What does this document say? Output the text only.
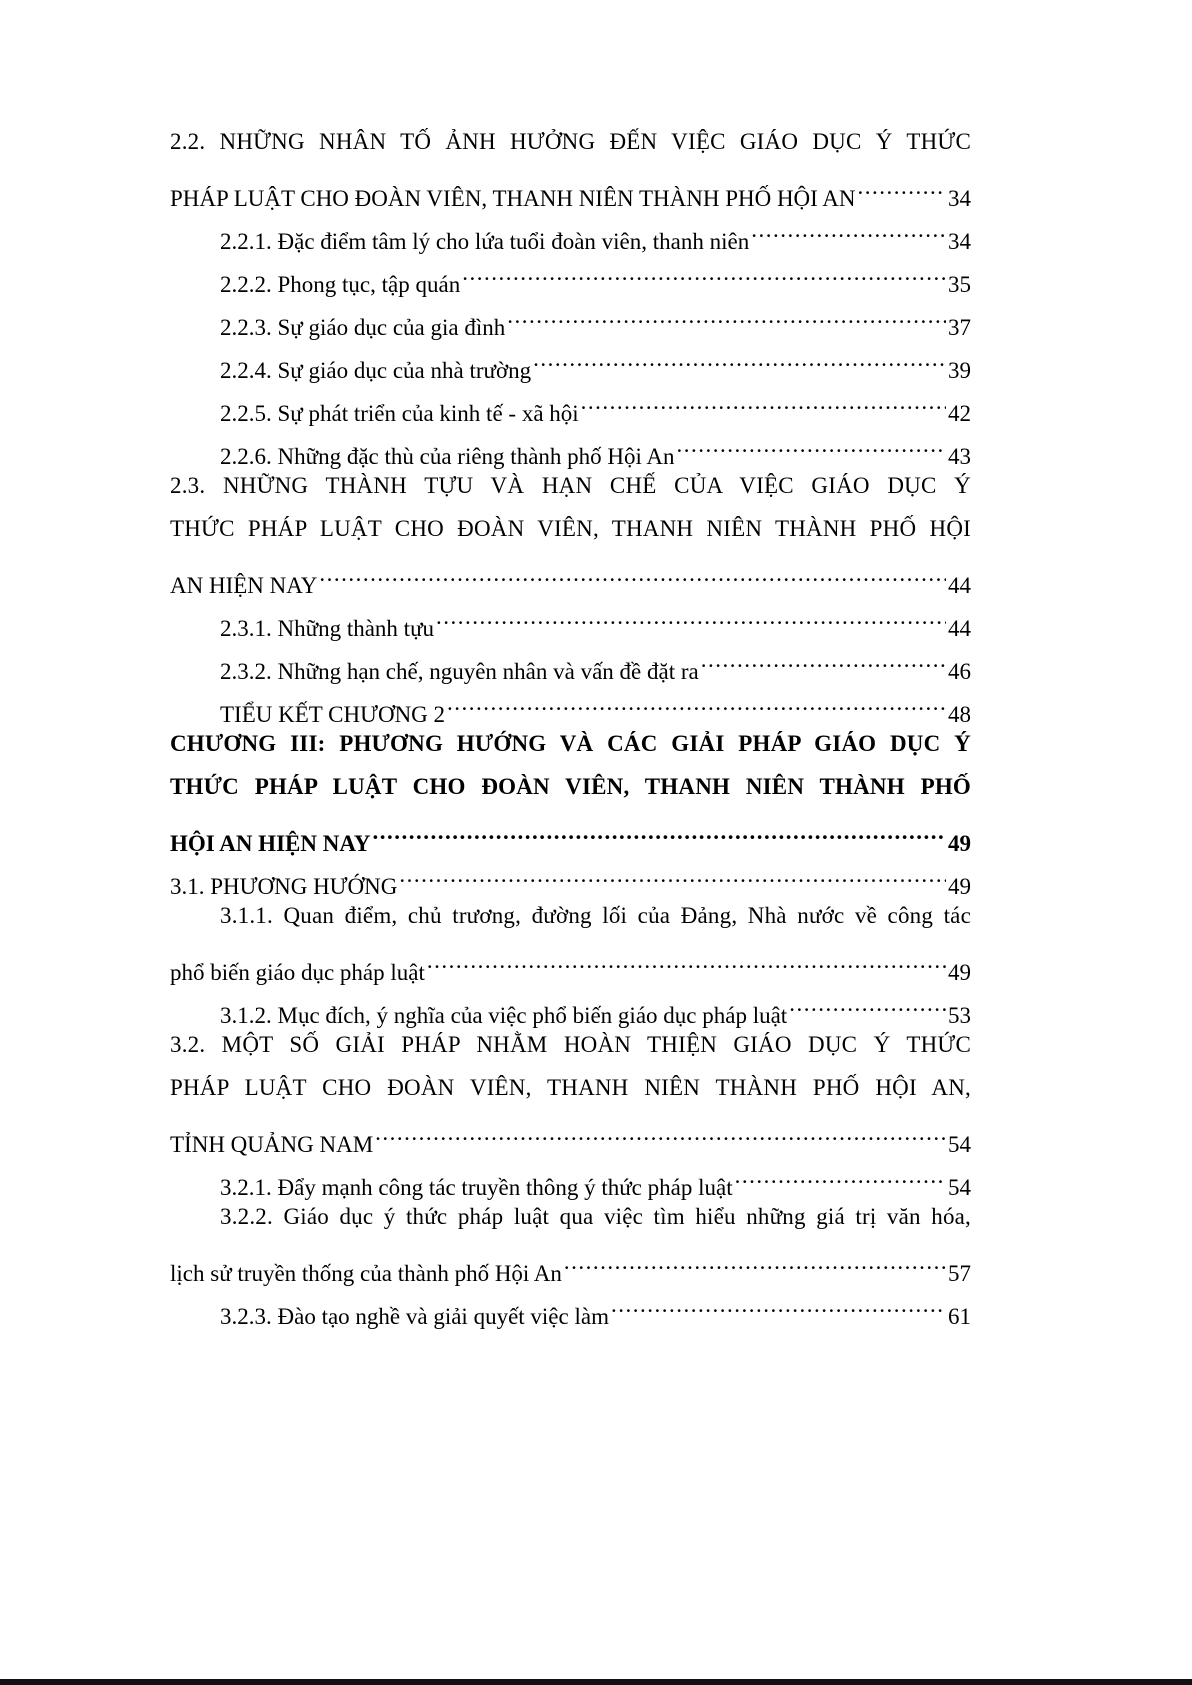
2.2. NHỮNG NHÂN TỐ ẢNH HƯỞNG ĐẾN VIỆC GIÁO DỤC Ý THỨC
PHÁP LUẬT CHO ĐOÀN VIÊN, THANH NIÊN THÀNH PHỐ HỘI AN .....	34
2.2.1. Đặc điểm tâm lý cho lứa tuổi đoàn viên, thanh niên .....	34
2.2.2. Phong tục, tập quán .....	35
2.2.3. Sự giáo dục của gia đình .....	37
2.2.4. Sự giáo dục của nhà trường .....	39
2.2.5. Sự phát triển của kinh tế - xã hội .....	42
2.2.6. Những đặc thù của riêng thành phố Hội An .....	43
2.3. NHỮNG THÀNH TỰU VÀ HẠN CHẾ CỦA VIỆC GIÁO DỤC Ý
THỨC PHÁP LUẬT CHO ĐOÀN VIÊN, THANH NIÊN THÀNH PHỐ HỘI
AN HIỆN NAY .....	44
2.3.1. Những thành tựu .....	44
2.3.2. Những hạn chế, nguyên nhân và vấn đề đặt ra .....	46
TIỂU KẾT CHƯƠNG 2 .....	48
CHƯƠNG III: PHƯƠNG HƯỚNG VÀ CÁC GIẢI PHÁP GIÁO DỤC Ý
THỨC PHÁP LUẬT CHO ĐOÀN VIÊN, THANH NIÊN THÀNH PHỐ
HỘI AN HIỆN NAY .....	49
3.1. PHƯƠNG HƯỚNG .....	49
3.1.1. Quan điểm, chủ trương, đường lối của Đảng, Nhà nước về công tác
phổ biến giáo dục pháp luật .....	49
3.1.2. Mục đích, ý nghĩa của việc phổ biến giáo dục pháp luật .....	53
3.2. MỘT SỐ GIẢI PHÁP NHẰM HOÀN THIỆN GIÁO DỤC Ý THỨC
PHÁP LUẬT CHO ĐOÀN VIÊN, THANH NIÊN THÀNH PHỐ HỘI AN,
TỈNH QUẢNG NAM .....	54
3.2.1. Đẩy mạnh công tác truyền thông ý thức pháp luật .....	54
3.2.2. Giáo dục ý thức pháp luật qua việc tìm hiểu những giá trị văn hóa,
lịch sử truyền thống của thành phố Hội An .....	57
3.2.3. Đào tạo nghề và giải quyết việc làm .....	61
